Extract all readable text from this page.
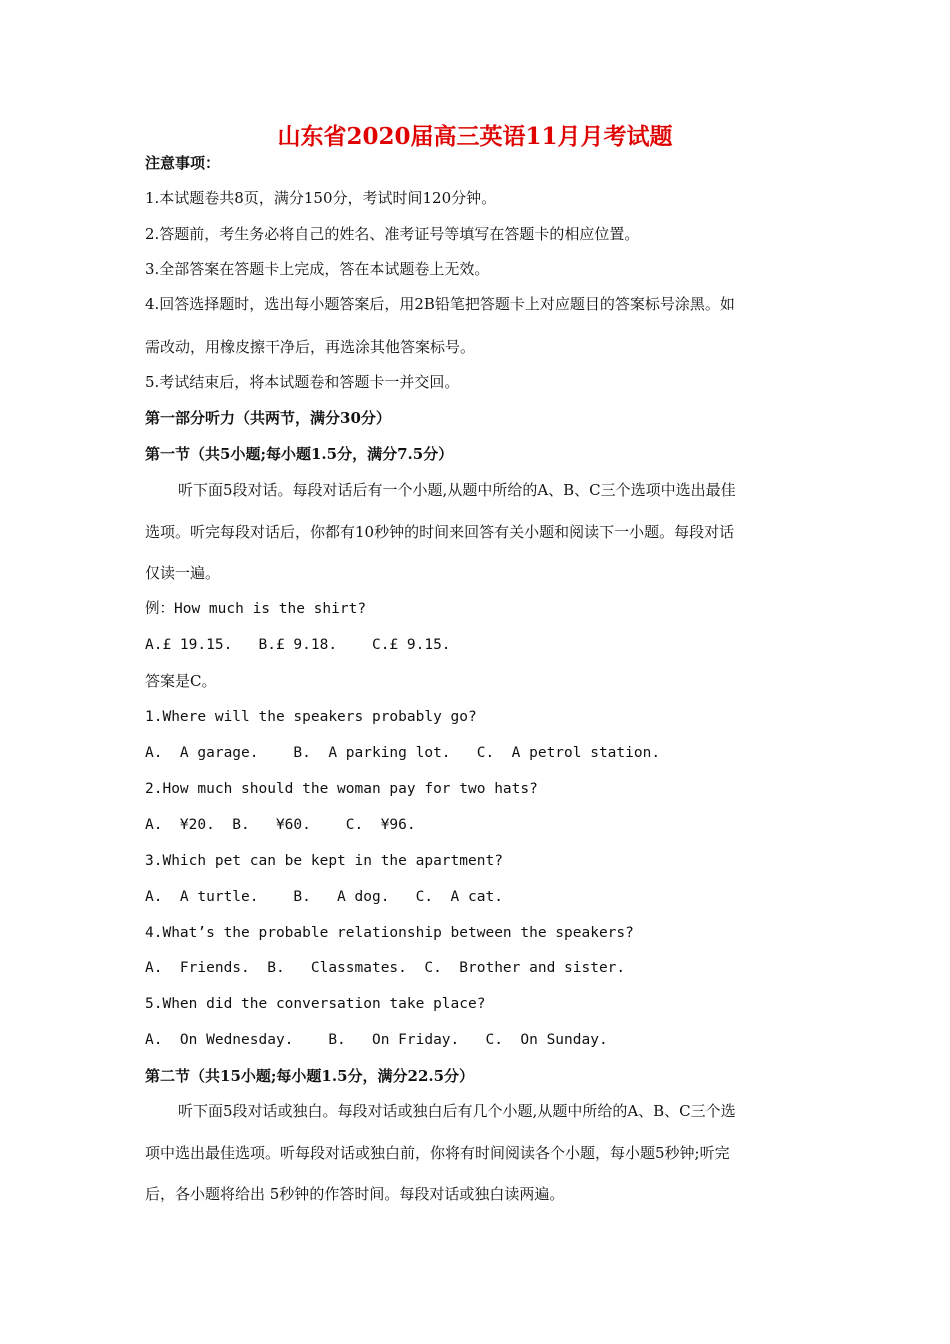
山东省2020届高三英语11月月考试题
注意事项：
1.本试题卷共8页，满分150分，考试时间120分钟。
2.答题前，考生务必将自己的姓名、准考证号等填写在答题卡的相应位置。
3.全部答案在答题卡上完成，答在本试题卷上无效。
4.回答选择题时，选出每小题答案后，用2B铅笔把答题卡上对应题目的答案标号涂黑。如
需改动，用橡皮擦干净后，再选涂其他答案标号。
5.考试结束后，将本试题卷和答题卡一并交回。
第一部分听力（共两节，满分30分）
第一节（共5小题;每小题1.5分，满分7.5分）
听下面5段对话。每段对话后有一个小题,从题中所给的A、B、C三个选项中选出最佳
选项。听完每段对话后，你都有10秒钟的时间来回答有关小题和阅读下一小题。每段对话
仅读一遍。
例：How much is the shirt?
A.£ 19.15.   B.£ 9.18.    C.£ 9.15.
答案是C。
1.Where will the speakers probably go?
A.  A garage.    B.  A parking lot.   C.  A petrol station.
2.How much should the woman pay for two hats?
A.  ¥20.  B.   ¥60.    C.  ¥96.
3.Which pet can be kept in the apartment?
A.  A turtle.    B.   A dog.   C.  A cat.
4.What’s the probable relationship between the speakers?
A.  Friends.  B.   Classmates.  C.  Brother and sister.
5.When did the conversation take place?
A.  On Wednesday.    B.   On Friday.   C.  On Sunday.
第二节（共15小题;每小题1.5分，满分22.5分）
听下面5段对话或独白。每段对话或独白后有几个小题,从题中所给的A、B、C三个选
项中选出最佳选项。听每段对话或独白前，你将有时间阅读各个小题，每小题5秒钟;听完
后，各小题将给出 5秒钟的作答时间。每段对话或独白读两遍。
